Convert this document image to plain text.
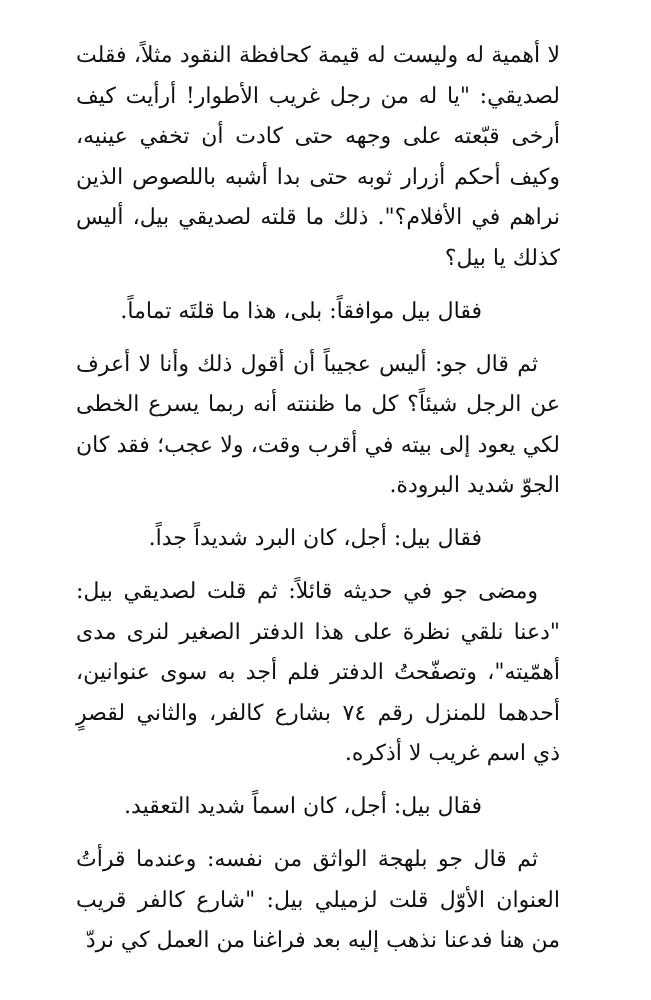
لا أهمية له وليست له قيمة كحافظة النقود مثلاً، فقلت لصديقي: "يا له من رجل غريب الأطوار! أرأيت كيف أرخى قبّعته على وجهه حتى كادت أن تخفي عينيه، وكيف أحكم أزرار ثوبه حتى بدا أشبه باللصوص الذين نراهم في الأفلام؟". ذلك ما قلته لصديقي بيل، أليس كذلك يا بيل؟

فقال بيل موافقاً: بلى، هذا ما قلتَه تماماً.

ثم قال جو: أليس عجيباً أن أقول ذلك وأنا لا أعرف عن الرجل شيئاً؟ كل ما ظننته أنه ربما يسرع الخطى لكي يعود إلى بيته في أقرب وقت، ولا عجب؛ فقد كان الجوّ شديد البرودة.

فقال بيل: أجل، كان البرد شديداً جداً.

ومضى جو في حديثه قائلاً: ثم قلت لصديقي بيل: "دعنا نلقي نظرة على هذا الدفتر الصغير لنرى مدى أهمّيته"، وتصفّحتُ الدفتر فلم أجد به سوى عنوانين، أحدهما للمنزل رقم ٧٤ بشارع كالفر، والثاني لقصرٍ ذي اسم غريب لا أذكره.

فقال بيل: أجل، كان اسماً شديد التعقيد.

ثم قال جو بلهجة الواثق من نفسه: وعندما قرأتُ العنوان الأوّل قلت لزميلي بيل: "شارع كالفر قريب من هنا فدعنا نذهب إليه بعد فراغنا من العمل كي نردّ
